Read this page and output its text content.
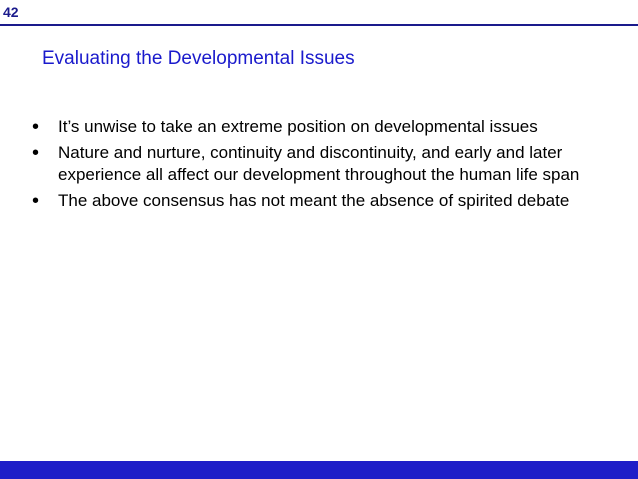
42
Evaluating the Developmental Issues
• It’s unwise to take an extreme position on developmental issues
• Nature and nurture, continuity and discontinuity, and early and later experience all affect our development throughout the human life span
• The above consensus has not meant the absence of spirited debate
